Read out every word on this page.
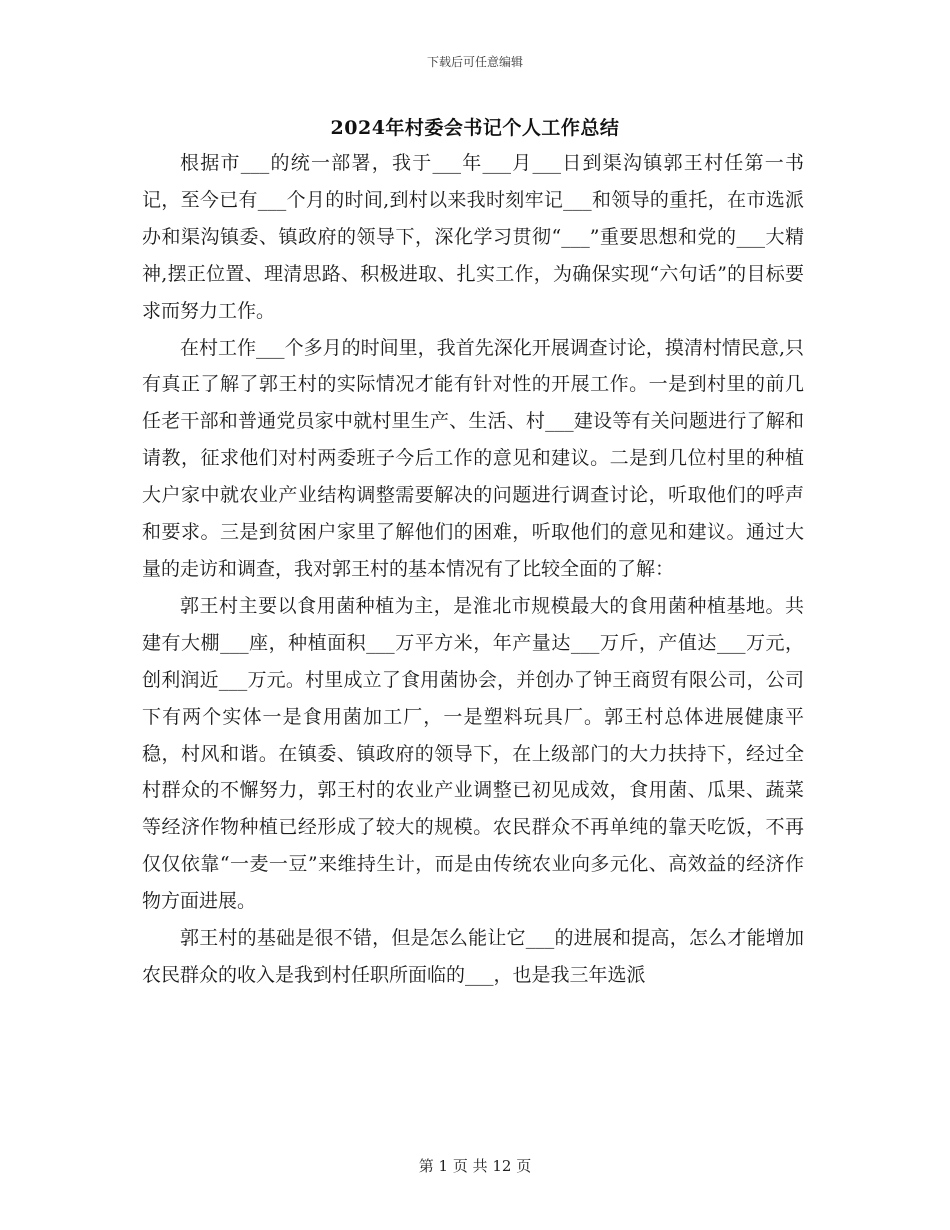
下载后可任意编辑
2024年村委会书记个人工作总结

根据市___的统一部署，我于___年___月___日到渠沟镇郭王村任第一书记，至今已有___个月的时间,到村以来我时刻牢记___和领导的重托，在市选派办和渠沟镇委、镇政府的领导下，深化学习贯彻“___”重要思想和党的___大精神,摆正位置、理清思路、积极进取、扎实工作，为确保实现“六句话”的目标要求而努力工作。

在村工作___个多月的时间里，我首先深化开展调查讨论，摸清村情民意,只有真正了解了郭王村的实际情况才能有针对性的开展工作。一是到村里的前几任老干部和普通党员家中就村里生产、生活、村___建设等有关问题进行了解和请教，征求他们对村两委班子今后工作的意见和建议。二是到几位村里的种植大户家中就农业产业结构调整需要解决的问题进行调查讨论，听取他们的呼声和要求。三是到贫困户家里了解他们的困难，听取他们的意见和建议。通过大量的走访和调查，我对郭王村的基本情况有了比较全面的了解：

郭王村主要以食用菌种植为主，是淮北市规模最大的食用菌种植基地。共建有大棚___座，种植面积___万平方米，年产量达___万斤，产值达___万元，创利润近___万元。村里成立了食用菌协会，并创办了钟王商贸有限公司，公司下有两个实体一是食用菌加工厂，一是塑料玩具厂。郭王村总体进展健康平稳，村风和谐。在镇委、镇政府的领导下，在上级部门的大力扶持下，经过全村群众的不懈努力，郭王村的农业产业调整已初见成效，食用菌、瓜果、蔬菜等经济作物种植已经形成了较大的规模。农民群众不再单纯的靠天吃饭，不再仅仅依靠“一麦一豆”来维持生计，而是由传统农业向多元化、高效益的经济作物方面进展。

郭王村的基础是很不错，但是怎么能让它___的进展和提高，怎么才能增加农民群众的收入是我到村任职所面临的___，也是我三年选派

第 1 页 共 12 页
